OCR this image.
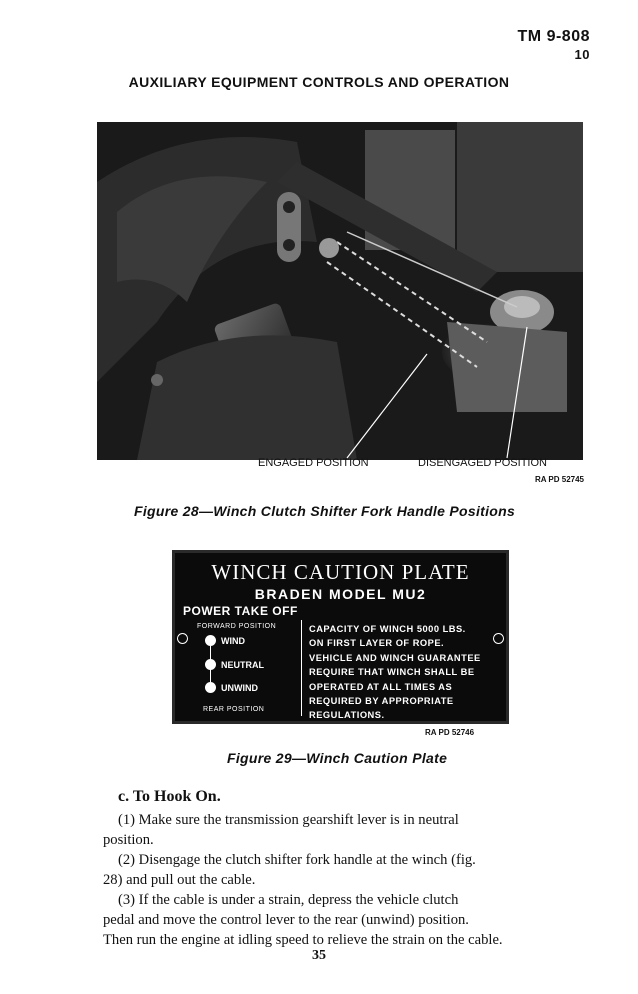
TM 9-808
10
AUXILIARY EQUIPMENT CONTROLS AND OPERATION
ENGAGED POSITION	DISENGAGED POSITION
RA PD 52745
Figure 28—Winch Clutch Shifter Fork Handle Positions
WINCH CAUTION PLATE
BRADEN MODEL MU2
POWER TAKE OFF
FORWARD POSITION
WIND
NEUTRAL
UNWIND
REAR POSITION
CAPACITY OF WINCH 5000 LBS.
ON FIRST LAYER OF ROPE.
VEHICLE AND WINCH GUARANTEE
REQUIRE THAT WINCH SHALL BE
OPERATED AT ALL TIMES AS
REQUIRED BY APPROPRIATE
REGULATIONS.
RA PD 52746
Figure 29—Winch Caution Plate
c. To Hook On.
(1) Make sure the transmission gearshift lever is in neutral
position.
(2) Disengage the clutch shifter fork handle at the winch (fig.
28) and pull out the cable.
(3) If the cable is under a strain, depress the vehicle clutch
pedal and move the control lever to the rear (unwind) position.
Then run the engine at idling speed to relieve the strain on the cable.
35
